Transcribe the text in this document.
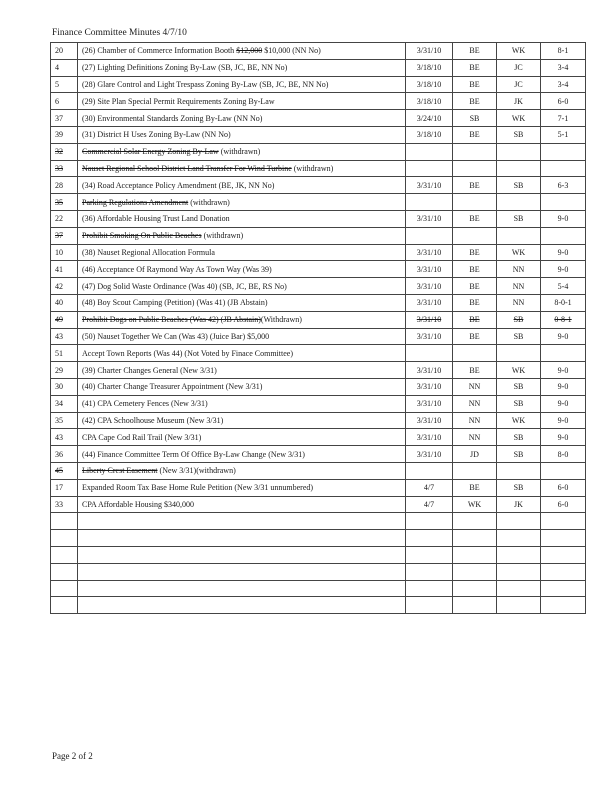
Finance Committee Minutes 4/7/10
20	(26) Chamber of Commerce Information Booth $12,000 $10,000 (NN No)	3/31/10	BE	WK	8-1
4	(27) Lighting Definitions Zoning By-Law (SB, JC, BE, NN No)	3/18/10	BE	JC	3-4
5	(28) Glare Control and Light Trespass Zoning By-Law (SB, JC, BE, NN No)	3/18/10	BE	JC	3-4
6	(29) Site Plan Special Permit Requirements Zoning By-Law	3/18/10	BE	JK	6-0
37	(30) Environmental Standards Zoning By-Law (NN No)	3/24/10	SB	WK	7-1
39	(31) District H Uses Zoning By-Law (NN No)	3/18/10	BE	SB	5-1
32	Commercial Solar Energy Zoning By-Law (withdrawn)				
33	Nauset Regional School District Land Transfer For Wind Turbine (withdrawn)				
28	(34) Road Acceptance Policy Amendment (BE, JK, NN No)	3/31/10	BE	SB	6-3
35	Parking Regulations Amendment (withdrawn)				
22	(36) Affordable Housing Trust Land Donation	3/31/10	BE	SB	9-0
37	Prohibit Smoking On Public Beaches (withdrawn)				
10	(38) Nauset Regional Allocation Formula	3/31/10	BE	WK	9-0
41	(46) Acceptance Of Raymond Way As Town Way (Was 39)	3/31/10	BE	NN	9-0
42	(47) Dog Solid Waste Ordinance (Was 40) (SB, JC, BE, RS No)	3/31/10	BE	NN	5-4
40	(48) Boy Scout Camping (Petition) (Was 41) (JB Abstain)	3/31/10	BE	NN	8-0-1
49	Prohibit Dogs on Public Beaches (Was 42) (JB Abstain)(Withdrawn)	3/31/10	BE	SB	0-8-1
43	(50) Nauset Together We Can (Was 43) (Juice Bar) $5,000	3/31/10	BE	SB	9-0
51	Accept Town Reports (Was 44) (Not Voted by Finace Committee)				
29	(39) Charter Changes General (New 3/31)	3/31/10	BE	WK	9-0
30	(40) Charter Change Treasurer Appointment (New 3/31)	3/31/10	NN	SB	9-0
34	(41) CPA Cemetery Fences (New 3/31)	3/31/10	NN	SB	9-0
35	(42) CPA Schoolhouse Museum (New 3/31)	3/31/10	NN	WK	9-0
43	CPA Cape Cod Rail Trail (New 3/31)	3/31/10	NN	SB	9-0
36	(44) Finance Committee Term Of Office By-Law Change (New 3/31)	3/31/10	JD	SB	8-0
45	Liberty Crest Easement (New 3/31)(withdrawn)				
17	Expanded Room Tax Base Home Rule Petition (New 3/31 unnumbered)	4/7	BE	SB	6-0
33	CPA Affordable Housing $340,000	4/7	WK	JK	6-0

Page 2 of 2
